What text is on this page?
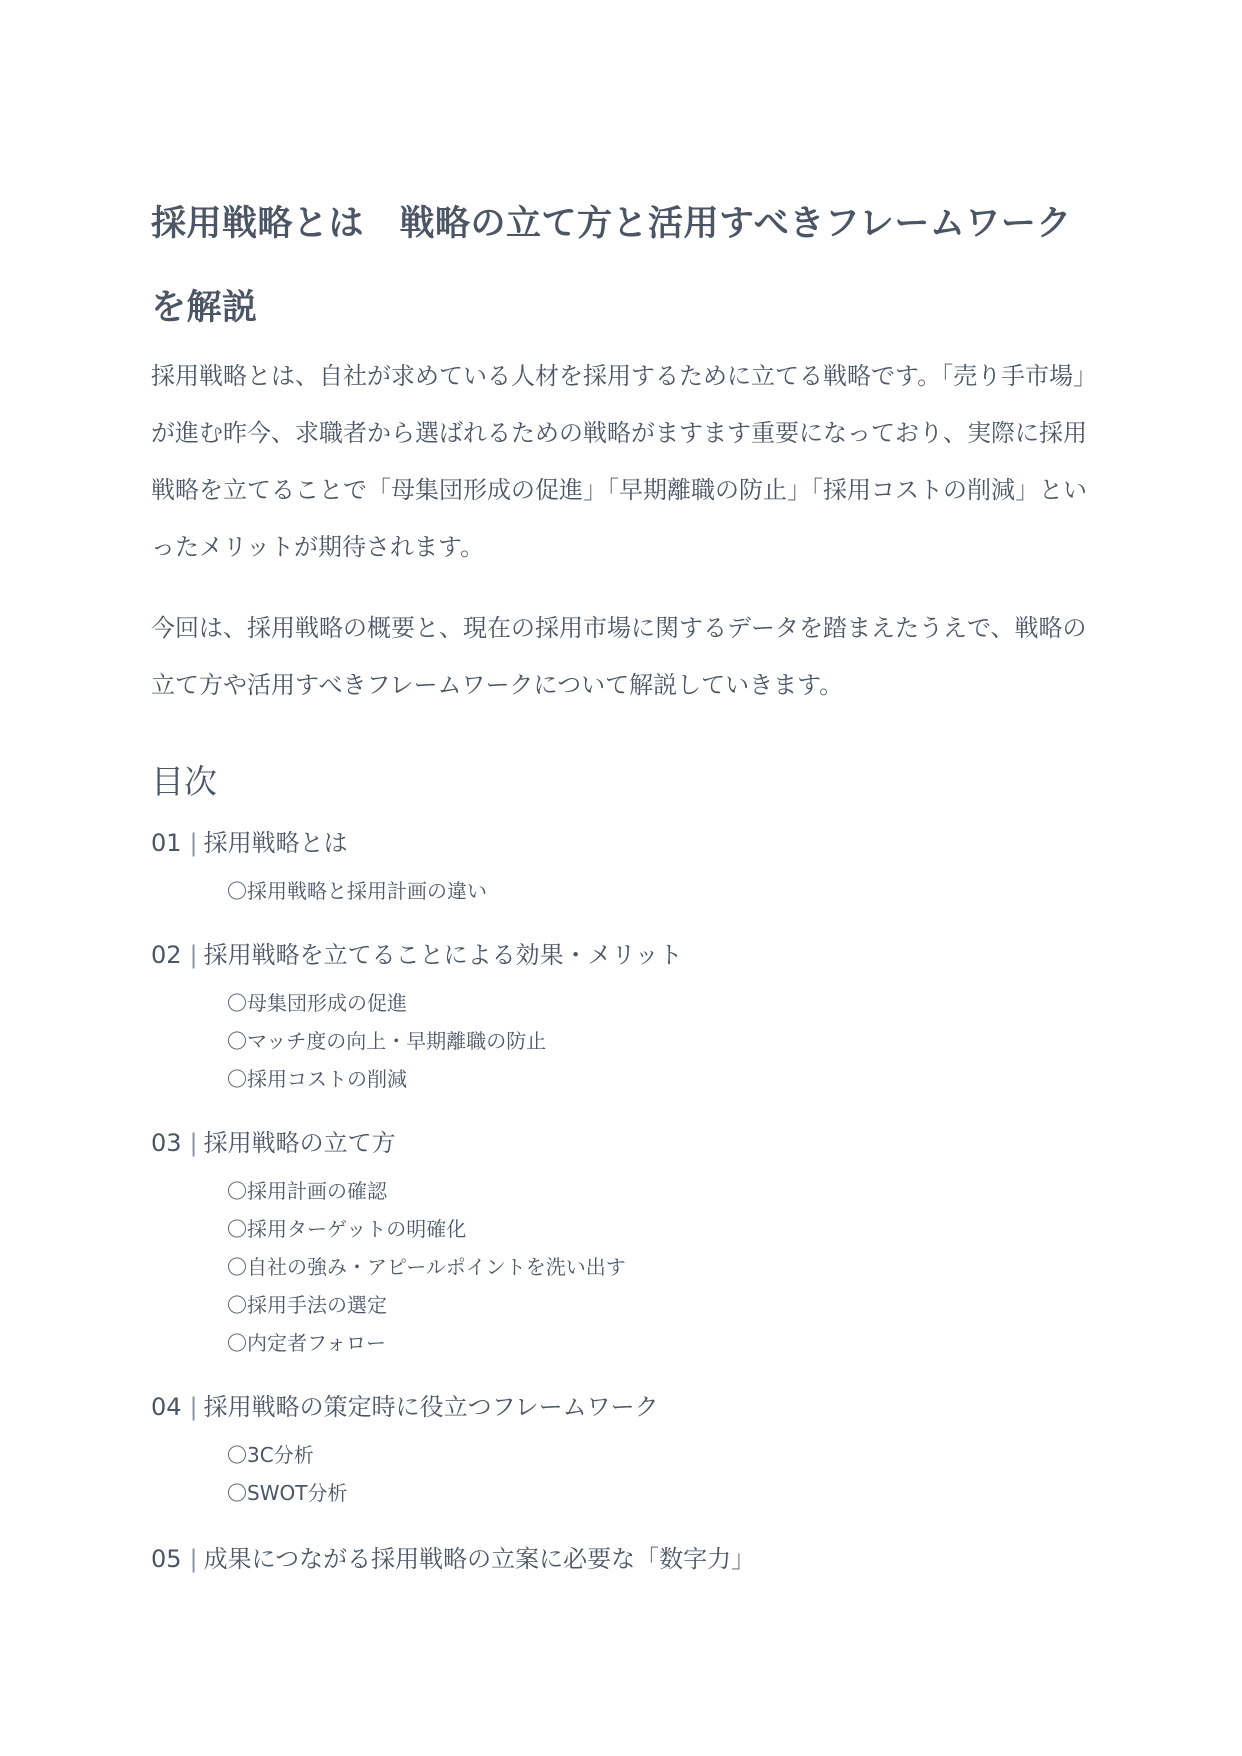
採用戦略とは　戦略の立て方と活用すべきフレームワークを解説

採用戦略とは、自社が求めている人材を採用するために立てる戦略です。「売り手市場」が進む昨今、求職者から選ばれるための戦略がますます重要になっており、実際に採用戦略を立てることで「母集団形成の促進」「早期離職の防止」「採用コストの削減」といったメリットが期待されます。

今回は、採用戦略の概要と、現在の採用市場に関するデータを踏まえたうえで、戦略の立て方や活用すべきフレームワークについて解説していきます。

目次
01 | 採用戦略とは
〇採用戦略と採用計画の違い
02 | 採用戦略を立てることによる効果・メリット
〇母集団形成の促進
〇マッチ度の向上・早期離職の防止
〇採用コストの削減
03 | 採用戦略の立て方
〇採用計画の確認
〇採用ターゲットの明確化
〇自社の強み・アピールポイントを洗い出す
〇採用手法の選定
〇内定者フォロー
04 | 採用戦略の策定時に役立つフレームワーク
〇3C分析
〇SWOT分析
05 | 成果につながる採用戦略の立案に必要な「数字力」
